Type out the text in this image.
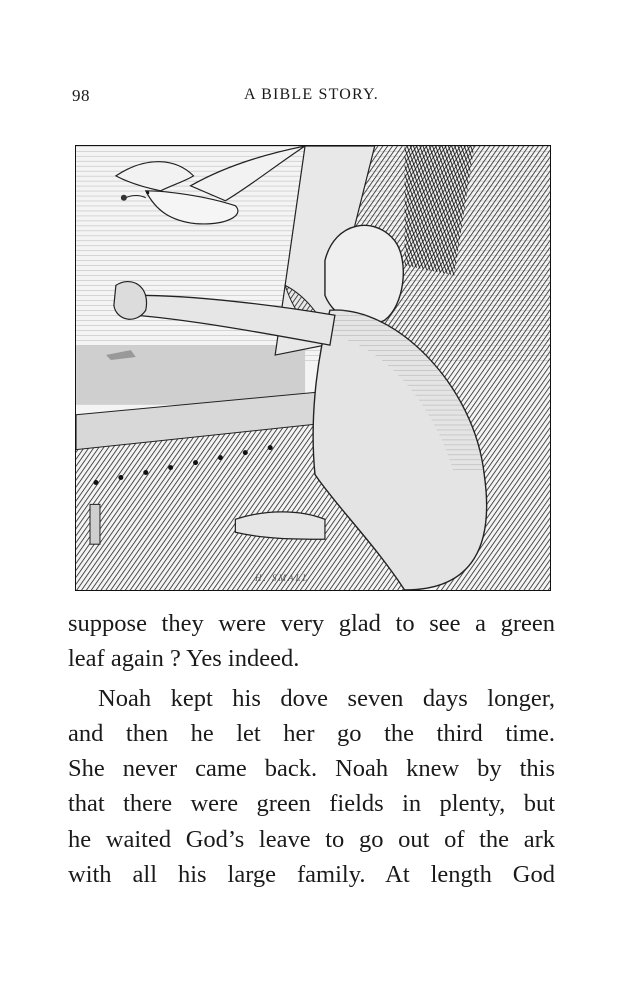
98	A BIBLE STORY.
H. SMALL
suppose they were very glad to see a green
leaf again ? Yes indeed.
Noah kept his dove seven days longer,
and then he let her go the third time.
She never came back. Noah knew by this
that there were green fields in plenty, but
he waited God’s leave to go out of the ark
with all his large family. At length God
